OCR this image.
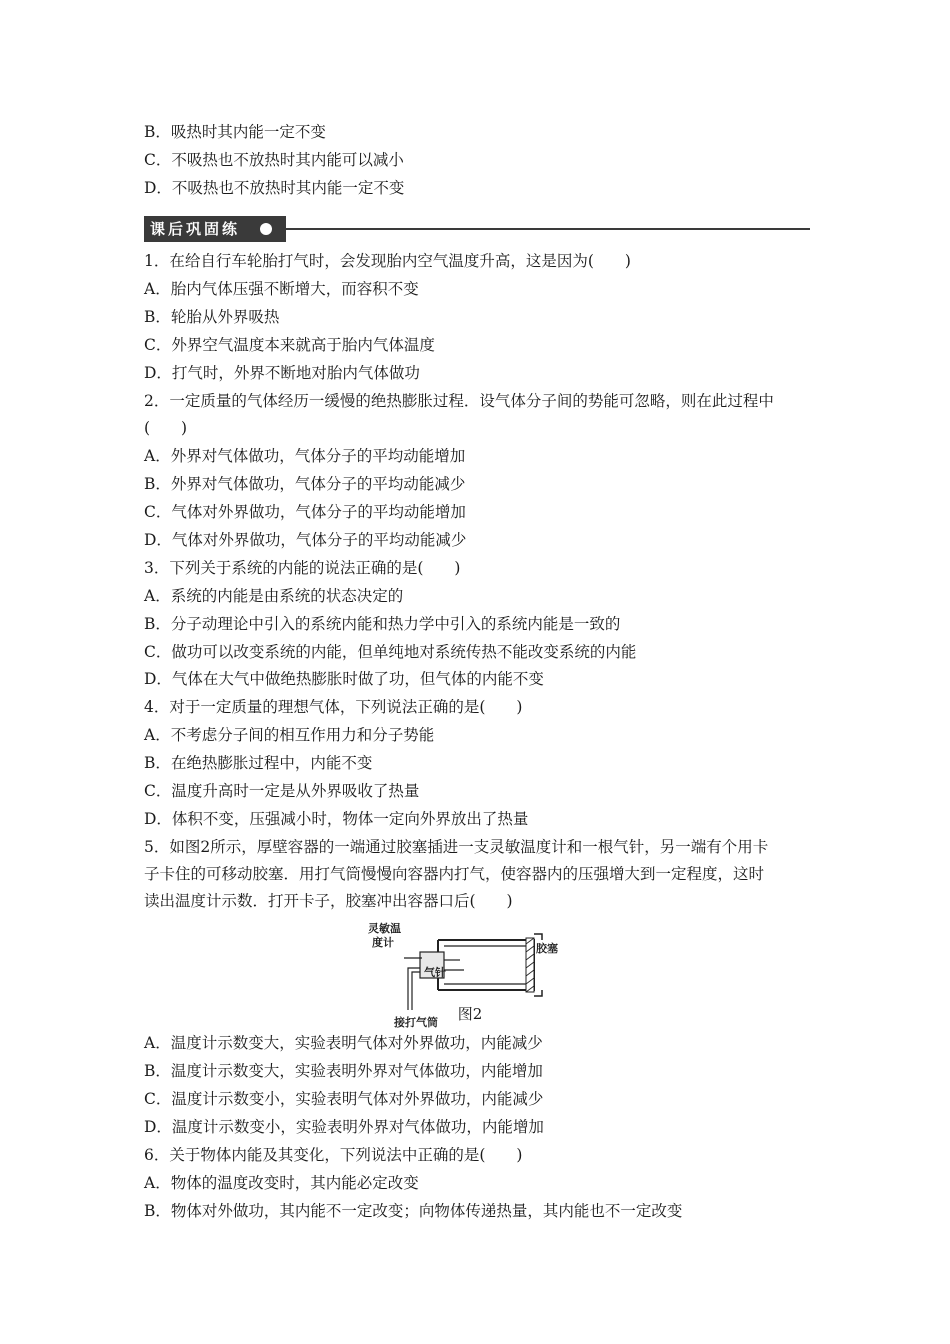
B．吸热时其内能一定不变
C．不吸热也不放热时其内能可以减小
D．不吸热也不放热时其内能一定不变
课后巩固练
1．在给自行车轮胎打气时，会发现胎内空气温度升高，这是因为(　　)
A．胎内气体压强不断增大，而容积不变
B．轮胎从外界吸热
C．外界空气温度本来就高于胎内气体温度
D．打气时，外界不断地对胎内气体做功
2．一定质量的气体经历一缓慢的绝热膨胀过程．设气体分子间的势能可忽略，则在此过程中
(　　)
A．外界对气体做功，气体分子的平均动能增加
B．外界对气体做功，气体分子的平均动能减少
C．气体对外界做功，气体分子的平均动能增加
D．气体对外界做功，气体分子的平均动能减少
3．下列关于系统的内能的说法正确的是(　　)
A．系统的内能是由系统的状态决定的
B．分子动理论中引入的系统内能和热力学中引入的系统内能是一致的
C．做功可以改变系统的内能，但单纯地对系统传热不能改变系统的内能
D．气体在大气中做绝热膨胀时做了功，但气体的内能不变
4．对于一定质量的理想气体，下列说法正确的是(　　)
A．不考虑分子间的相互作用力和分子势能
B．在绝热膨胀过程中，内能不变
C．温度升高时一定是从外界吸收了热量
D．体积不变，压强减小时，物体一定向外界放出了热量
5．如图2所示，厚壁容器的一端通过胶塞插进一支灵敏温度计和一根气针，另一端有个用卡
子卡住的可移动胶塞．用打气筒慢慢向容器内打气，使容器内的压强增大到一定程度，这时
读出温度计示数．打开卡子，胶塞冲出容器口后(　　)
灵敏温
度计
气针
胶塞
接打气筒	图2
A．温度计示数变大，实验表明气体对外界做功，内能减少
B．温度计示数变大，实验表明外界对气体做功，内能增加
C．温度计示数变小，实验表明气体对外界做功，内能减少
D．温度计示数变小，实验表明外界对气体做功，内能增加
6．关于物体内能及其变化，下列说法中正确的是(　　)
A．物体的温度改变时，其内能必定改变
B．物体对外做功，其内能不一定改变；向物体传递热量，其内能也不一定改变
